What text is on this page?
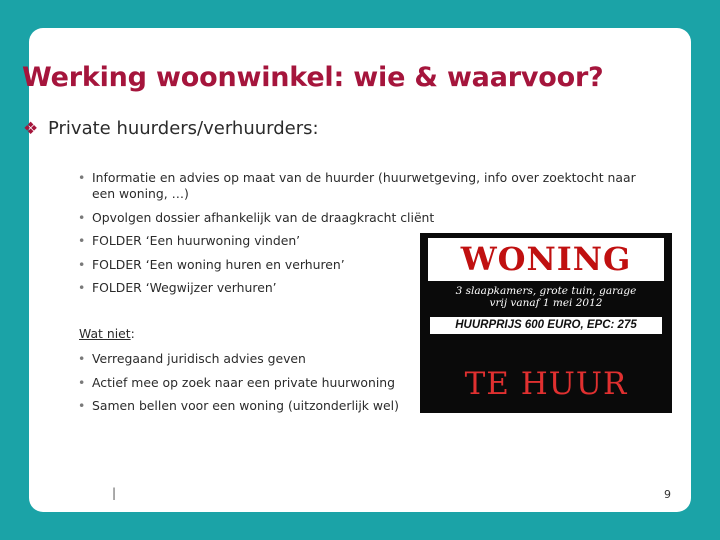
Werking woonwinkel: wie & waarvoor?
❖ Private huurders/verhuurders:
• Informatie en advies op maat van de huurder (huurwetgeving, info over zoektocht naar een woning, …)
• Opvolgen dossier afhankelijk van de draagkracht cliënt
• FOLDER ‘Een huurwoning vinden’
• FOLDER ‘Een woning huren en verhuren’
• FOLDER ‘Wegwijzer verhuren’
Wat niet:
• Verregaand juridisch advies geven
• Actief mee op zoek naar een private huurwoning
• Samen bellen voor een woning (uitzonderlijk wel)
WONING
3 slaapkamers, grote tuin, garage
vrij vanaf 1 mei 2012
HUURPRIJS 600 EURO, EPC: 275
TE HUUR
|	9
